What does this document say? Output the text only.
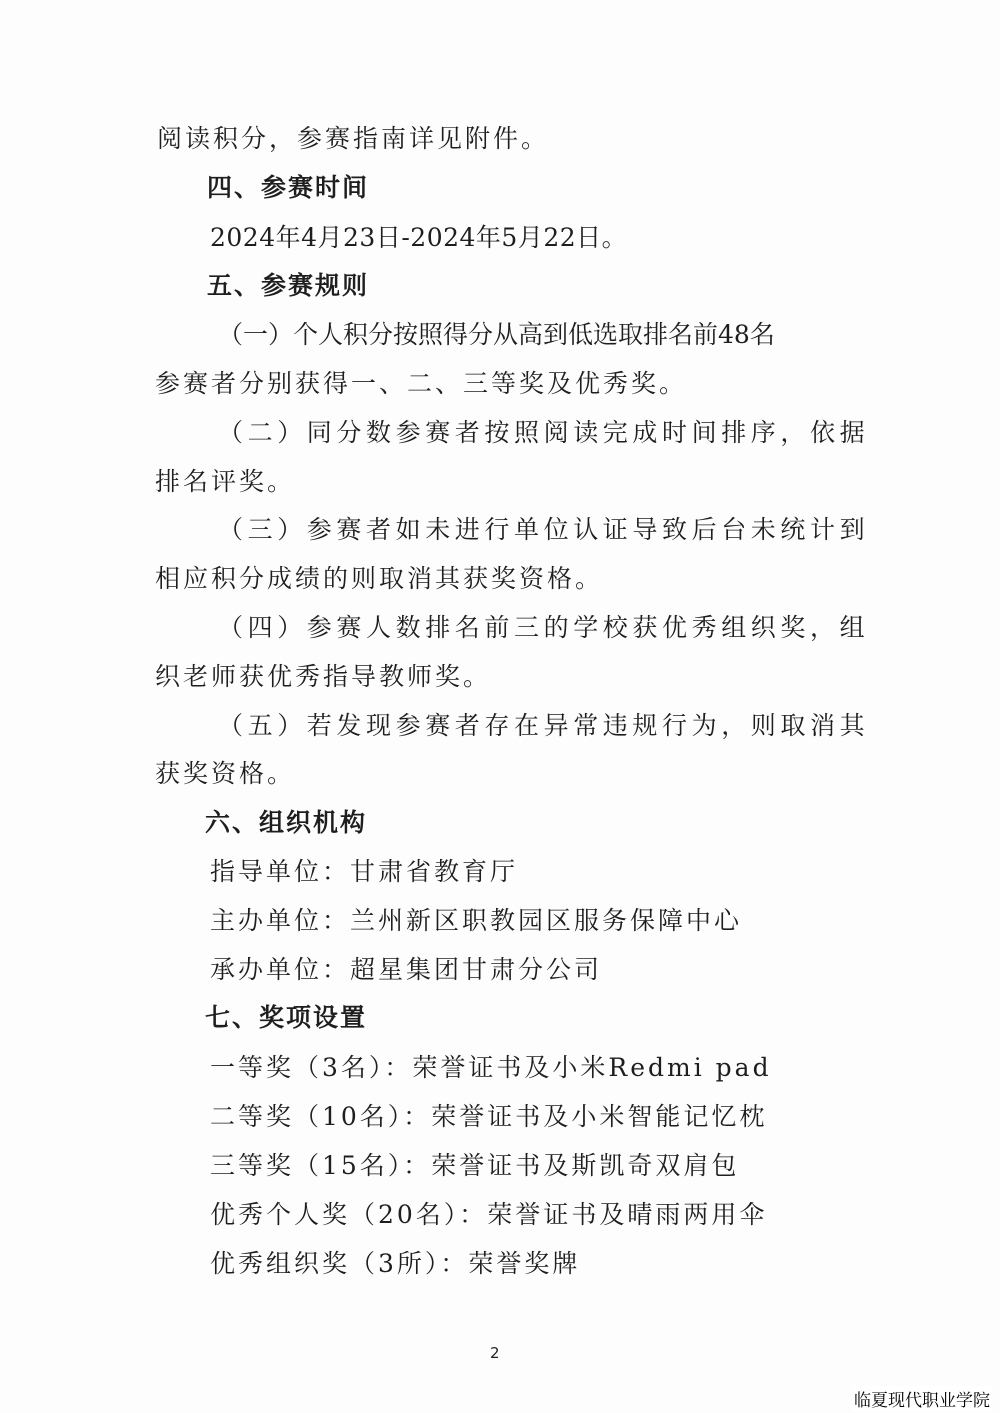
阅读积分，参赛指南详见附件。
四、参赛时间
2024年4月23日-2024年5月22日。
五、参赛规则
（一）个人积分按照得分从高到低选取排名前48名
参赛者分别获得一、二、三等奖及优秀奖。
（二）同分数参赛者按照阅读完成时间排序，依据
排名评奖。
（三）参赛者如未进行单位认证导致后台未统计到
相应积分成绩的则取消其获奖资格。
（四）参赛人数排名前三的学校获优秀组织奖，组
织老师获优秀指导教师奖。
（五）若发现参赛者存在异常违规行为，则取消其
获奖资格。
六、组织机构
指导单位：甘肃省教育厅
主办单位：兰州新区职教园区服务保障中心
承办单位：超星集团甘肃分公司
七、奖项设置
一等奖（3名）：荣誉证书及小米Redmi pad
二等奖（10名）：荣誉证书及小米智能记忆枕
三等奖（15名）：荣誉证书及斯凯奇双肩包
优秀个人奖（20名）：荣誉证书及晴雨两用伞
优秀组织奖（3所）：荣誉奖牌
2
临夏现代职业学院
